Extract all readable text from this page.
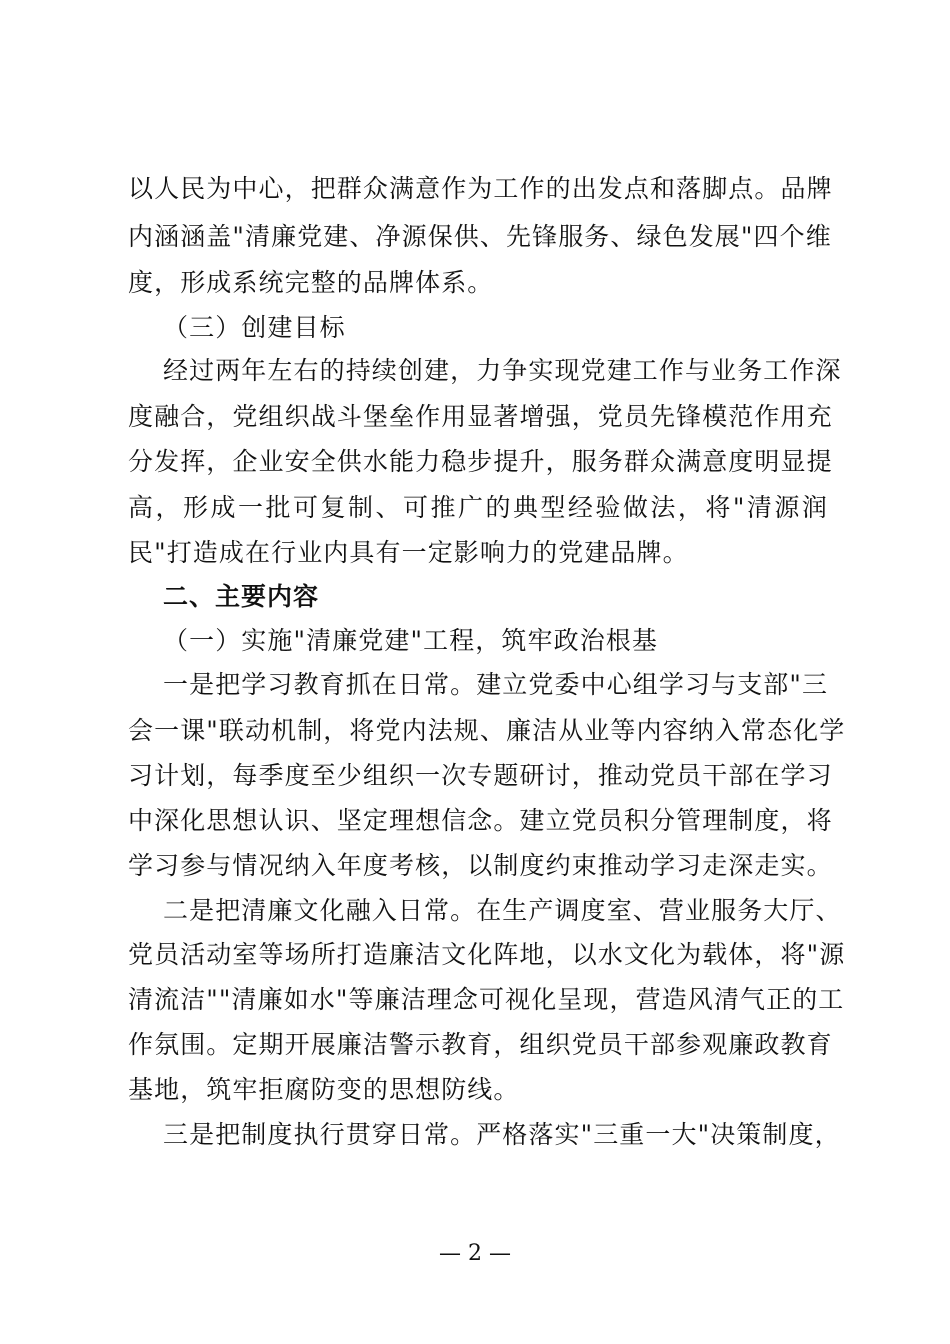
以人民为中心，把群众满意作为工作的出发点和落脚点。品牌
内涵涵盖"清廉党建、净源保供、先锋服务、绿色发展"四个维
度，形成系统完整的品牌体系。
（三）创建目标
经过两年左右的持续创建，力争实现党建工作与业务工作深
度融合，党组织战斗堡垒作用显著增强，党员先锋模范作用充
分发挥，企业安全供水能力稳步提升，服务群众满意度明显提
高，形成一批可复制、可推广的典型经验做法，将"清源润
民"打造成在行业内具有一定影响力的党建品牌。
二、主要内容
（一）实施"清廉党建"工程，筑牢政治根基
一是把学习教育抓在日常。建立党委中心组学习与支部"三
会一课"联动机制，将党内法规、廉洁从业等内容纳入常态化学
习计划，每季度至少组织一次专题研讨，推动党员干部在学习
中深化思想认识、坚定理想信念。建立党员积分管理制度，将
学习参与情况纳入年度考核，以制度约束推动学习走深走实。
二是把清廉文化融入日常。在生产调度室、营业服务大厅、
党员活动室等场所打造廉洁文化阵地，以水文化为载体，将"源
清流洁""清廉如水"等廉洁理念可视化呈现，营造风清气正的工
作氛围。定期开展廉洁警示教育，组织党员干部参观廉政教育
基地，筑牢拒腐防变的思想防线。
三是把制度执行贯穿日常。严格落实"三重一大"决策制度，
— 2 —
